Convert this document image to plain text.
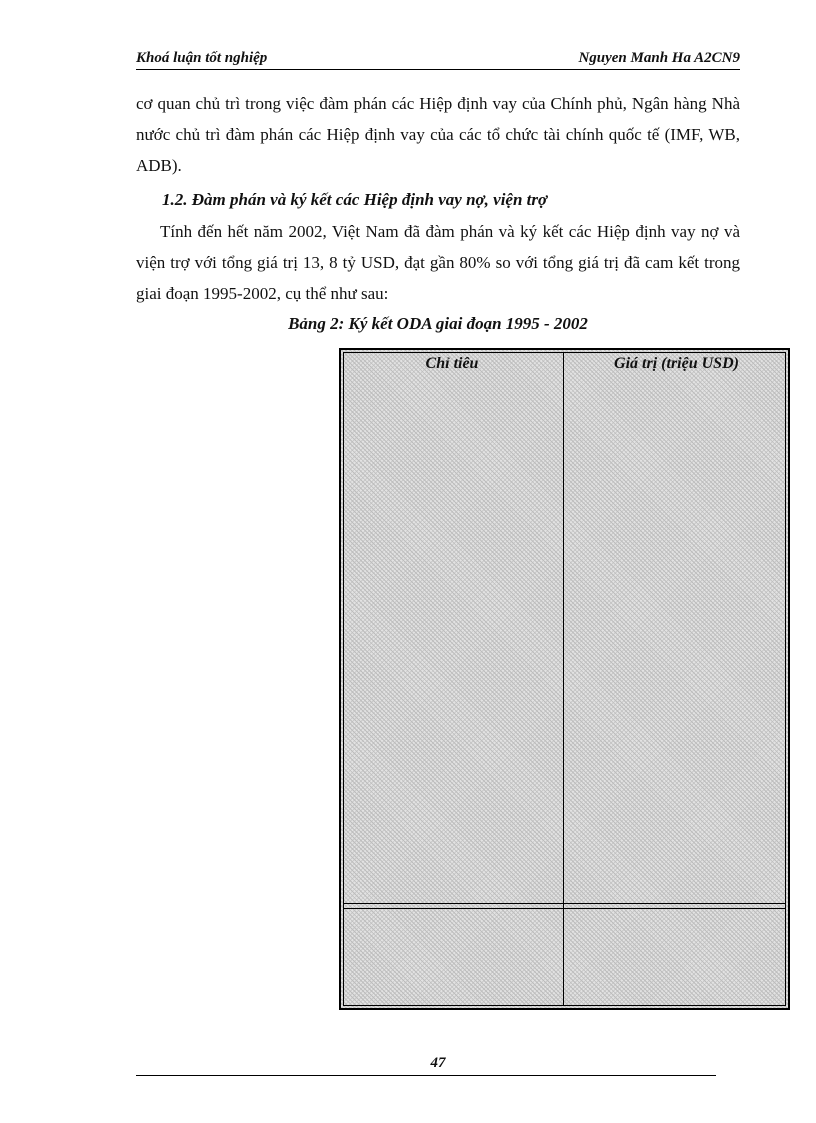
Khoá luận tốt nghiệp	Nguyen Manh Ha A2CN9
cơ quan chủ trì trong việc đàm phán các Hiệp định vay của Chính phủ, Ngân hàng Nhà nước chủ trì đàm phán các Hiệp định vay của các tổ chức tài chính quốc tế (IMF, WB, ADB).
1.2. Đàm phán và ký kết các Hiệp định vay nợ, viện trợ
Tính đến hết năm 2002, Việt Nam đã đàm phán và ký kết các Hiệp định vay nợ và viện trợ với tổng giá trị 13, 8 tỷ USD, đạt gần 80% so với tổng giá trị đã cam kết trong giai đoạn 1995-2002, cụ thể như sau:
Bảng 2: Ký kết ODA giai đoạn 1995 - 2002
Chỉ tiêu	Giá trị (triệu USD)
47
